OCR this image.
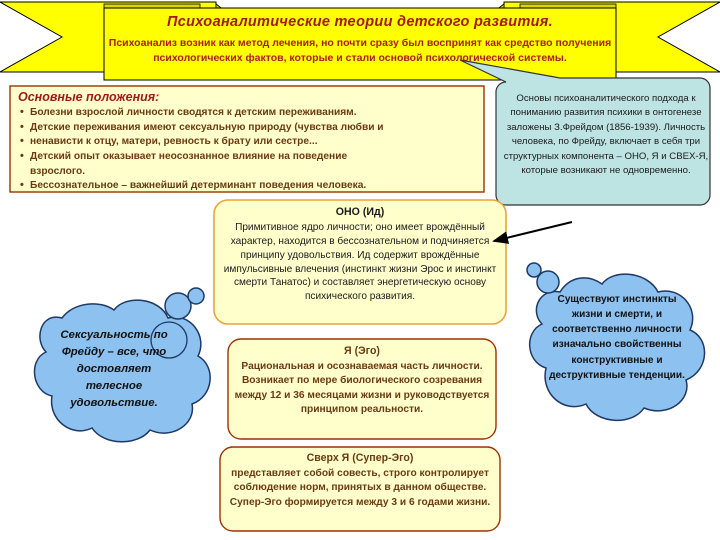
Психоаналитические теории детского развития.
Психоанализ возник как метод лечения, но почти сразу был воспринят как средство получения психологических фактов, которые и стали основой психологической системы.
Основные положения:
• Болезни взрослой личности сводятся к детским переживаниям.
• Детские переживания имеют сексуальную природу (чувства любви и
• ненависти к отцу, матери, ревность к брату или сестре...
• Детский опыт оказывает неосознанное влияние на поведение
взрослого.
• Бессознательное – важнейший детерминант поведения человека.
Основы психоаналитического подхода к пониманию развития психики в онтогенезе заложены З.Фрейдом (1856-1939). Личность человека, по Фрейду, включает в себя три структурных компонента – ОНО, Я и СВЕХ-Я, которые возникают не одновременно.
ОНО (Ид)
Примитивное ядро личности; оно имеет врождённый характер, находится в бессознательном и подчиняется принципу удовольствия. Ид содержит врождённые импульсивные влечения (инстинкт жизни Эрос и инстинкт смерти Танатос) и составляет энергетическую основу психического развития.
Я (Эго)
Рациональная и осознаваемая часть личности. Возникает по мере биологического созревания между 12 и 36 месяцами жизни и руководствуется принципом реальности.
Сверх Я (Супер-Эго)
представляет собой совесть, строго контролирует соблюдение норм, принятых в данном обществе. Супер-Эго формируется между 3 и 6 годами жизни.
Сексуальность по Фрейду – все, что достовляет телесное удовольствие.
Существуют инстинкты жизни и смерти, и соответственно личности изначально свойственны конструктивные и деструктивные тенденции.
